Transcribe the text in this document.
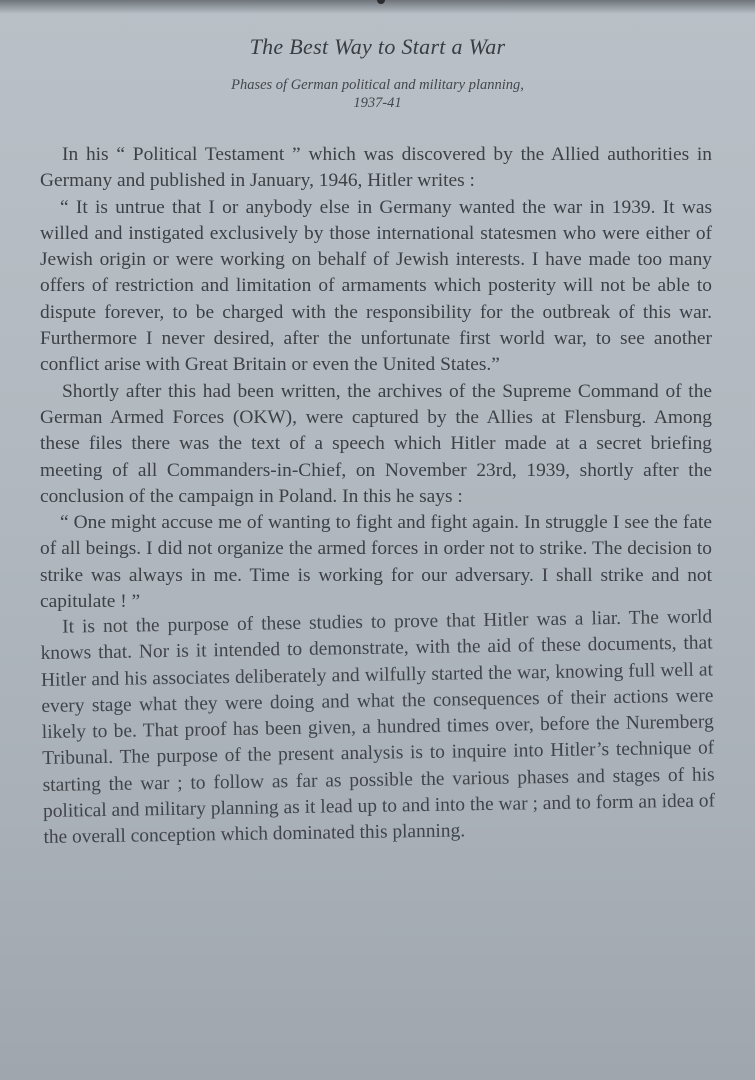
The Best Way to Start a War
Phases of German political and military planning,
1937-41

In his “ Political Testament ” which was discovered by the Allied authorities in Germany and published in January, 1946, Hitler writes :

“ It is untrue that I or anybody else in Germany wanted the war in 1939. It was willed and instigated exclusively by those international statesmen who were either of Jewish origin or were working on behalf of Jewish interests. I have made too many offers of restriction and limitation of armaments which posterity will not be able to dispute forever, to be charged with the responsibility for the outbreak of this war. Furthermore I never desired, after the unfortunate first world war, to see another conflict arise with Great Britain or even the United States.”

Shortly after this had been written, the archives of the Supreme Command of the German Armed Forces (OKW), were captured by the Allies at Flensburg. Among these files there was the text of a speech which Hitler made at a secret briefing meeting of all Commanders-in-Chief, on November 23rd, 1939, shortly after the conclusion of the campaign in Poland. In this he says :

“ One might accuse me of wanting to fight and fight again. In struggle I see the fate of all beings. I did not organize the armed forces in order not to strike. The decision to strike was always in me. Time is working for our adversary. I shall strike and not capitulate ! ”

It is not the purpose of these studies to prove that Hitler was a liar. The world knows that. Nor is it intended to demonstrate, with the aid of these documents, that Hitler and his associates deliberately and wilfully started the war, knowing full well at every stage what they were doing and what the consequences of their actions were likely to be. That proof has been given, a hundred times over, before the Nuremberg Tribunal. The purpose of the present analysis is to inquire into Hitler’s technique of starting the war ; to follow as far as possible the various phases and stages of his political and military planning as it lead up to and into the war ; and to form an idea of the overall conception which dominated this planning.
